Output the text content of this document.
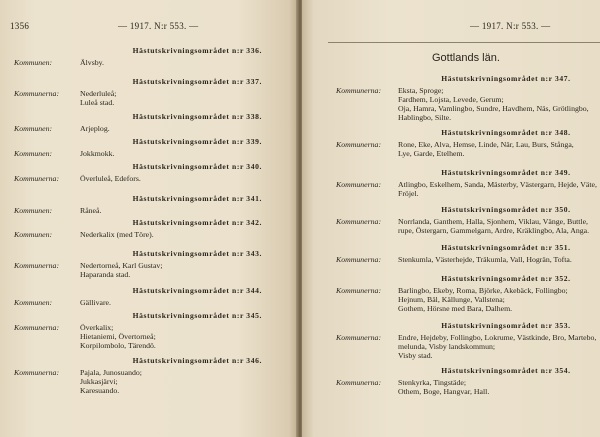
1356	— 1917. N:r 553. —
Hästutskrivningsområdet n:r 336.
Kommunen:	Älvsby.
Hästutskrivningsområdet n:r 337.
Kommunerna:	Nederluleå;
Luleå stad.
Hästutskrivningsområdet n:r 338.
Kommunen:	Arjeplog.
Hästutskrivningsområdet n:r 339.
Kommunen:	Jokkmokk.
Hästutskrivningsområdet n:r 340.
Kommunerna:	Överluleå, Edefors.
Hästutskrivningsområdet n:r 341.
Kommunen:	Råneå.
Hästutskrivningsområdet n:r 342.
Kommunen:	Nederkalix (med Töre).
Hästutskrivningsområdet n:r 343.
Kommunerna:	Nedertorneå, Karl Gustav;
Haparanda stad.
Hästutskrivningsområdet n:r 344.
Kommunen:	Gällivare.
Hästutskrivningsområdet n:r 345.
Kommunerna:	Överkalix;
Hietaniemi, Övertorneå;
Korpilombolo, Tärendö.
Hästutskrivningsområdet n:r 346.
Kommunerna:	Pajala, Junosuando;
Jukkasjärvi;
Karesuando.
— 1917. N:r 553. —
Gottlands län.
Hästutskrivningsområdet n:r 347.
Kommunerna:	Eksta, Sproge;
Fardhem, Lojsta, Levede, Gerum;
Oja, Hamra, Vamlingbo, Sundre, Havdhem, Näs, Grötlingbo,
Hablingbo, Silte.
Hästutskrivningsområdet n:r 348.
Kommunerna:	Rone, Eke, Alva, Hemse, Linde, När, Lau, Burs, Stånga,
Lye, Garde, Etelhem.
Hästutskrivningsområdet n:r 349.
Kommunerna:	Atlingbo, Eskelhem, Sanda, Mästerby, Västergarn, Hejde, Väte,
Fröjel.
Hästutskrivningsområdet n:r 350.
Kommunerna:	Norrlanda, Ganthem, Halla, Sjonhem, Viklau, Vänge, Buttle,
rupe, Östergarn, Gammelgarn, Ardre, Kräklingbo, Ala, Anga.
Hästutskrivningsområdet n:r 351.
Kommunerna:	Stenkumla, Västerhejde, Träkumla, Vall, Hogrän, Tofta.
Hästutskrivningsområdet n:r 352.
Kommunerna:	Barlingbo, Ekeby, Roma, Björke, Akebäck, Follingbo;
Hejnum, Bäl, Källunge, Vallstena;
Gothem, Hörsne med Bara, Dalhem.
Hästutskrivningsområdet n:r 353.
Kommunerna:	Endre, Hejdeby, Follingbo, Lokrume, Västkinde, Bro, Martebo,
melunda, Visby landskommun;
Visby stad.
Hästutskrivningsområdet n:r 354.
Kommunerna:	Stenkyrka, Tingstäde;
Othem, Boge, Hangvar, Hall.
